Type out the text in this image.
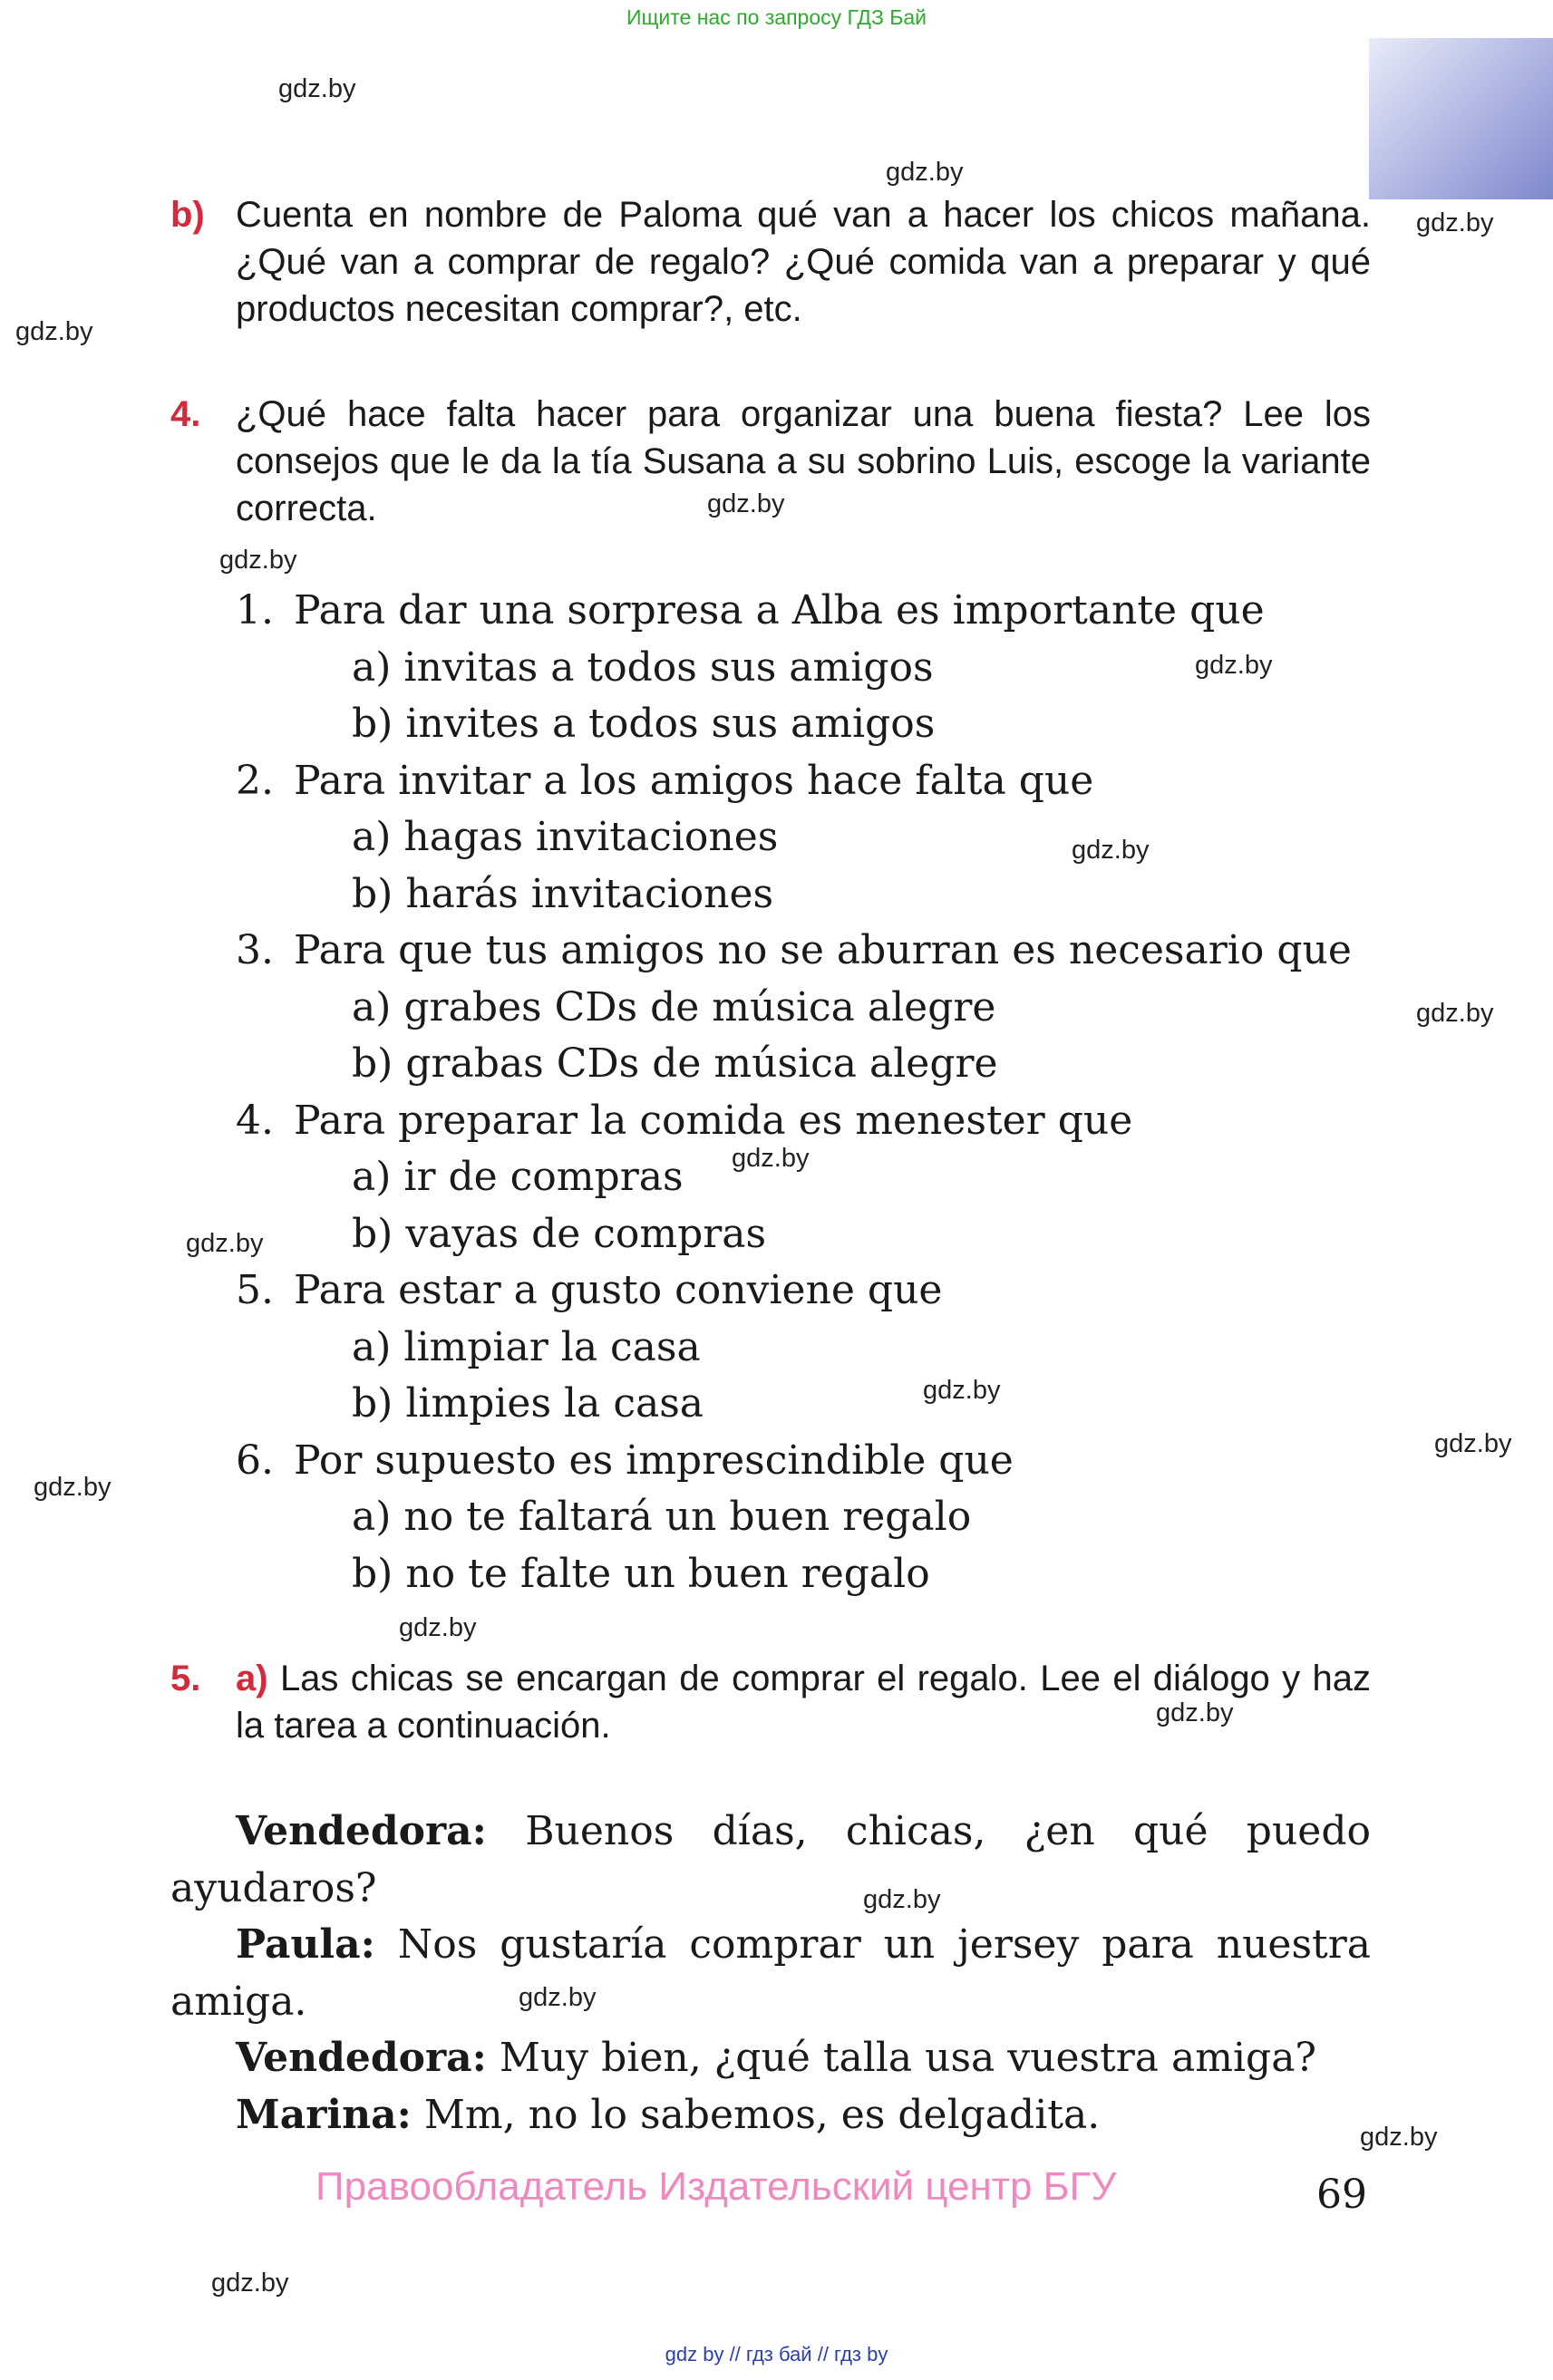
Ищите нас по запросу ГДЗ Бай
gdz.by
gdz.by
gdz.by
gdz.by
gdz.by
gdz.by
gdz.by
gdz.by
gdz.by
gdz.by
gdz.by
gdz.by
gdz.by
gdz.by
gdz.by
gdz.by
gdz.by
gdz.by
gdz.by
gdz.by
b) Cuenta en nombre de Paloma qué van a hacer los chicos mañana. ¿Qué van a comprar de regalo? ¿Qué comida van a preparar y qué productos necesitan comprar?, etc.
4. ¿Qué hace falta hacer para organizar una buena fiesta? Lee los consejos que le da la tía Susana a su sobrino Luis, escoge la variante correcta.
1. Para dar una sorpresa a Alba es importante que
a) invitas a todos sus amigos
b) invites a todos sus amigos
2. Para invitar a los amigos hace falta que
a) hagas invitaciones
b) harás invitaciones
3. Para que tus amigos no se aburran es necesario que
a) grabes CDs de música alegre
b) grabas CDs de música alegre
4. Para preparar la comida es menester que
a) ir de compras
b) vayas de compras
5. Para estar a gusto conviene que
a) limpiar la casa
b) limpies la casa
6. Por supuesto es imprescindible que
a) no te faltará un buen regalo
b) no te falte un buen regalo
5. a) Las chicas se encargan de comprar el regalo. Lee el diálogo y haz la tarea a continuación.
Vendedora: Buenos días, chicas, ¿en qué puedo ayudaros?
Paula: Nos gustaría comprar un jersey para nuestra amiga.
Vendedora: Muy bien, ¿qué talla usa vuestra amiga?
Marina: Mm, no lo sabemos, es delgadita.
Правообладатель Издательский центр БГУ	69
gdz by // гдз бай // гдз by
